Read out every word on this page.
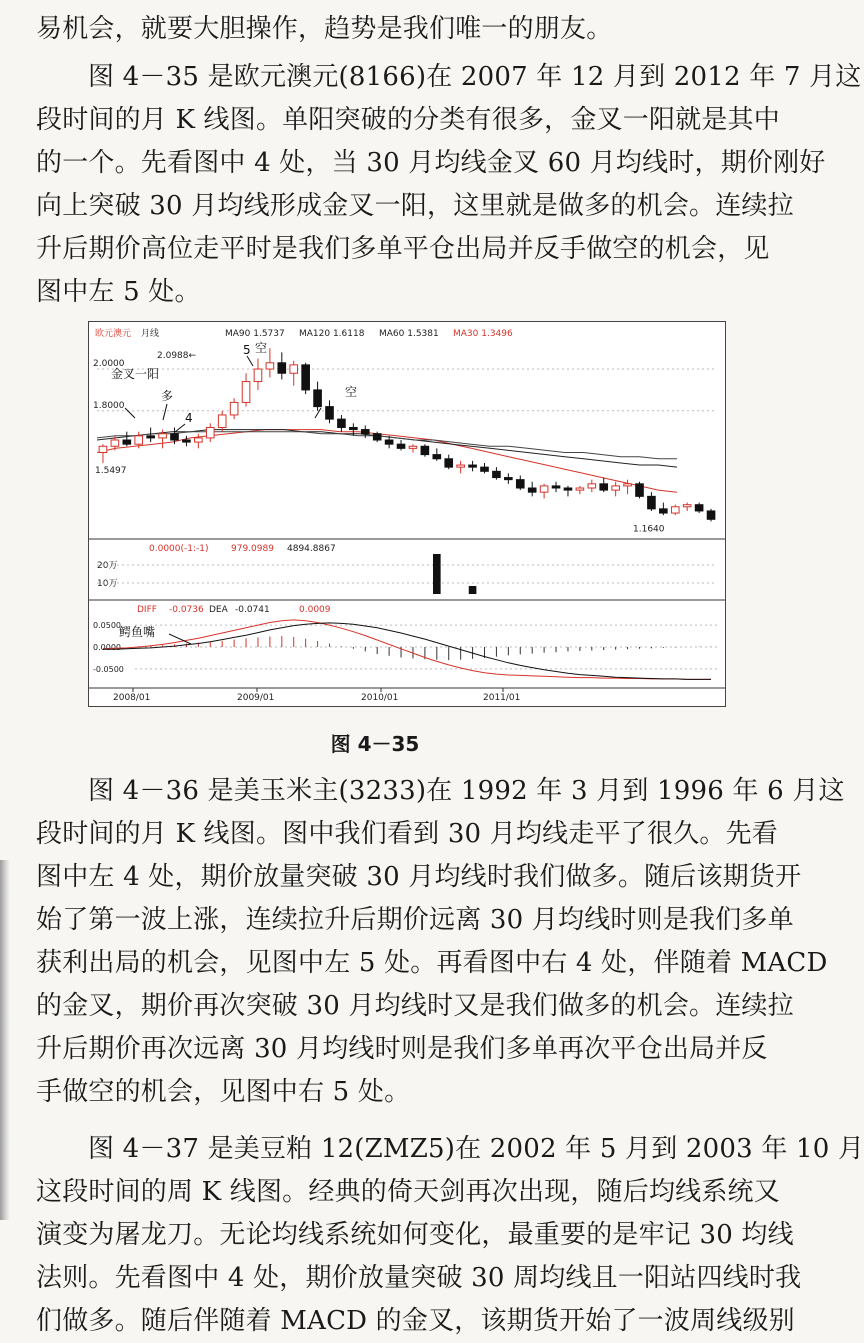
易机会，就要大胆操作，趋势是我们唯一的朋友。

图 4－35 是欧元澳元(8166)在 2007 年 12 月到 2012 年 7 月这
段时间的月 K 线图。单阳突破的分类有很多，金叉一阳就是其中
的一个。先看图中 4 处，当 30 月均线金叉 60 月均线时，期价刚好
向上突破 30 月均线形成金叉一阳，这里就是做多的机会。连续拉
升后期价高位走平时是我们多单平仓出局并反手做空的机会，见
图中左 5 处。

2.0000
1.8000
欧元澳元 月线	MA90 1.5737 MA120 1.6118 MA60 1.5381 MA30 1.3496
2.0988←
1.5497
1.1640
金叉一阳
多
4
5 空
5
空
0.0000(-1:-1)	979.0989 4894.8867
20万
10万
DIFF -0.0736 DEA -0.0741	0.0009
0.0500
0.0000
-0.0500
鳄鱼嘴
2008/01	2009/01	2010/01	2011/01
图 4－35

图 4－36 是美玉米主(3233)在 1992 年 3 月到 1996 年 6 月这
段时间的月 K 线图。图中我们看到 30 月均线走平了很久。先看
图中左 4 处，期价放量突破 30 月均线时我们做多。随后该期货开
始了第一波上涨，连续拉升后期价远离 30 月均线时则是我们多单
获利出局的机会，见图中左 5 处。再看图中右 4 处，伴随着 MACD
的金叉，期价再次突破 30 月均线时又是我们做多的机会。连续拉
升后期价再次远离 30 月均线时则是我们多单再次平仓出局并反
手做空的机会，见图中右 5 处。

图 4－37 是美豆粕 12(ZMZ5)在 2002 年 5 月到 2003 年 10 月
这段时间的周 K 线图。经典的倚天剑再次出现，随后均线系统又
演变为屠龙刀。无论均线系统如何变化，最重要的是牢记 30 均线
法则。先看图中 4 处，期价放量突破 30 周均线且一阳站四线时我
们做多。随后伴随着 MACD 的金叉，该期货开始了一波周线级别
